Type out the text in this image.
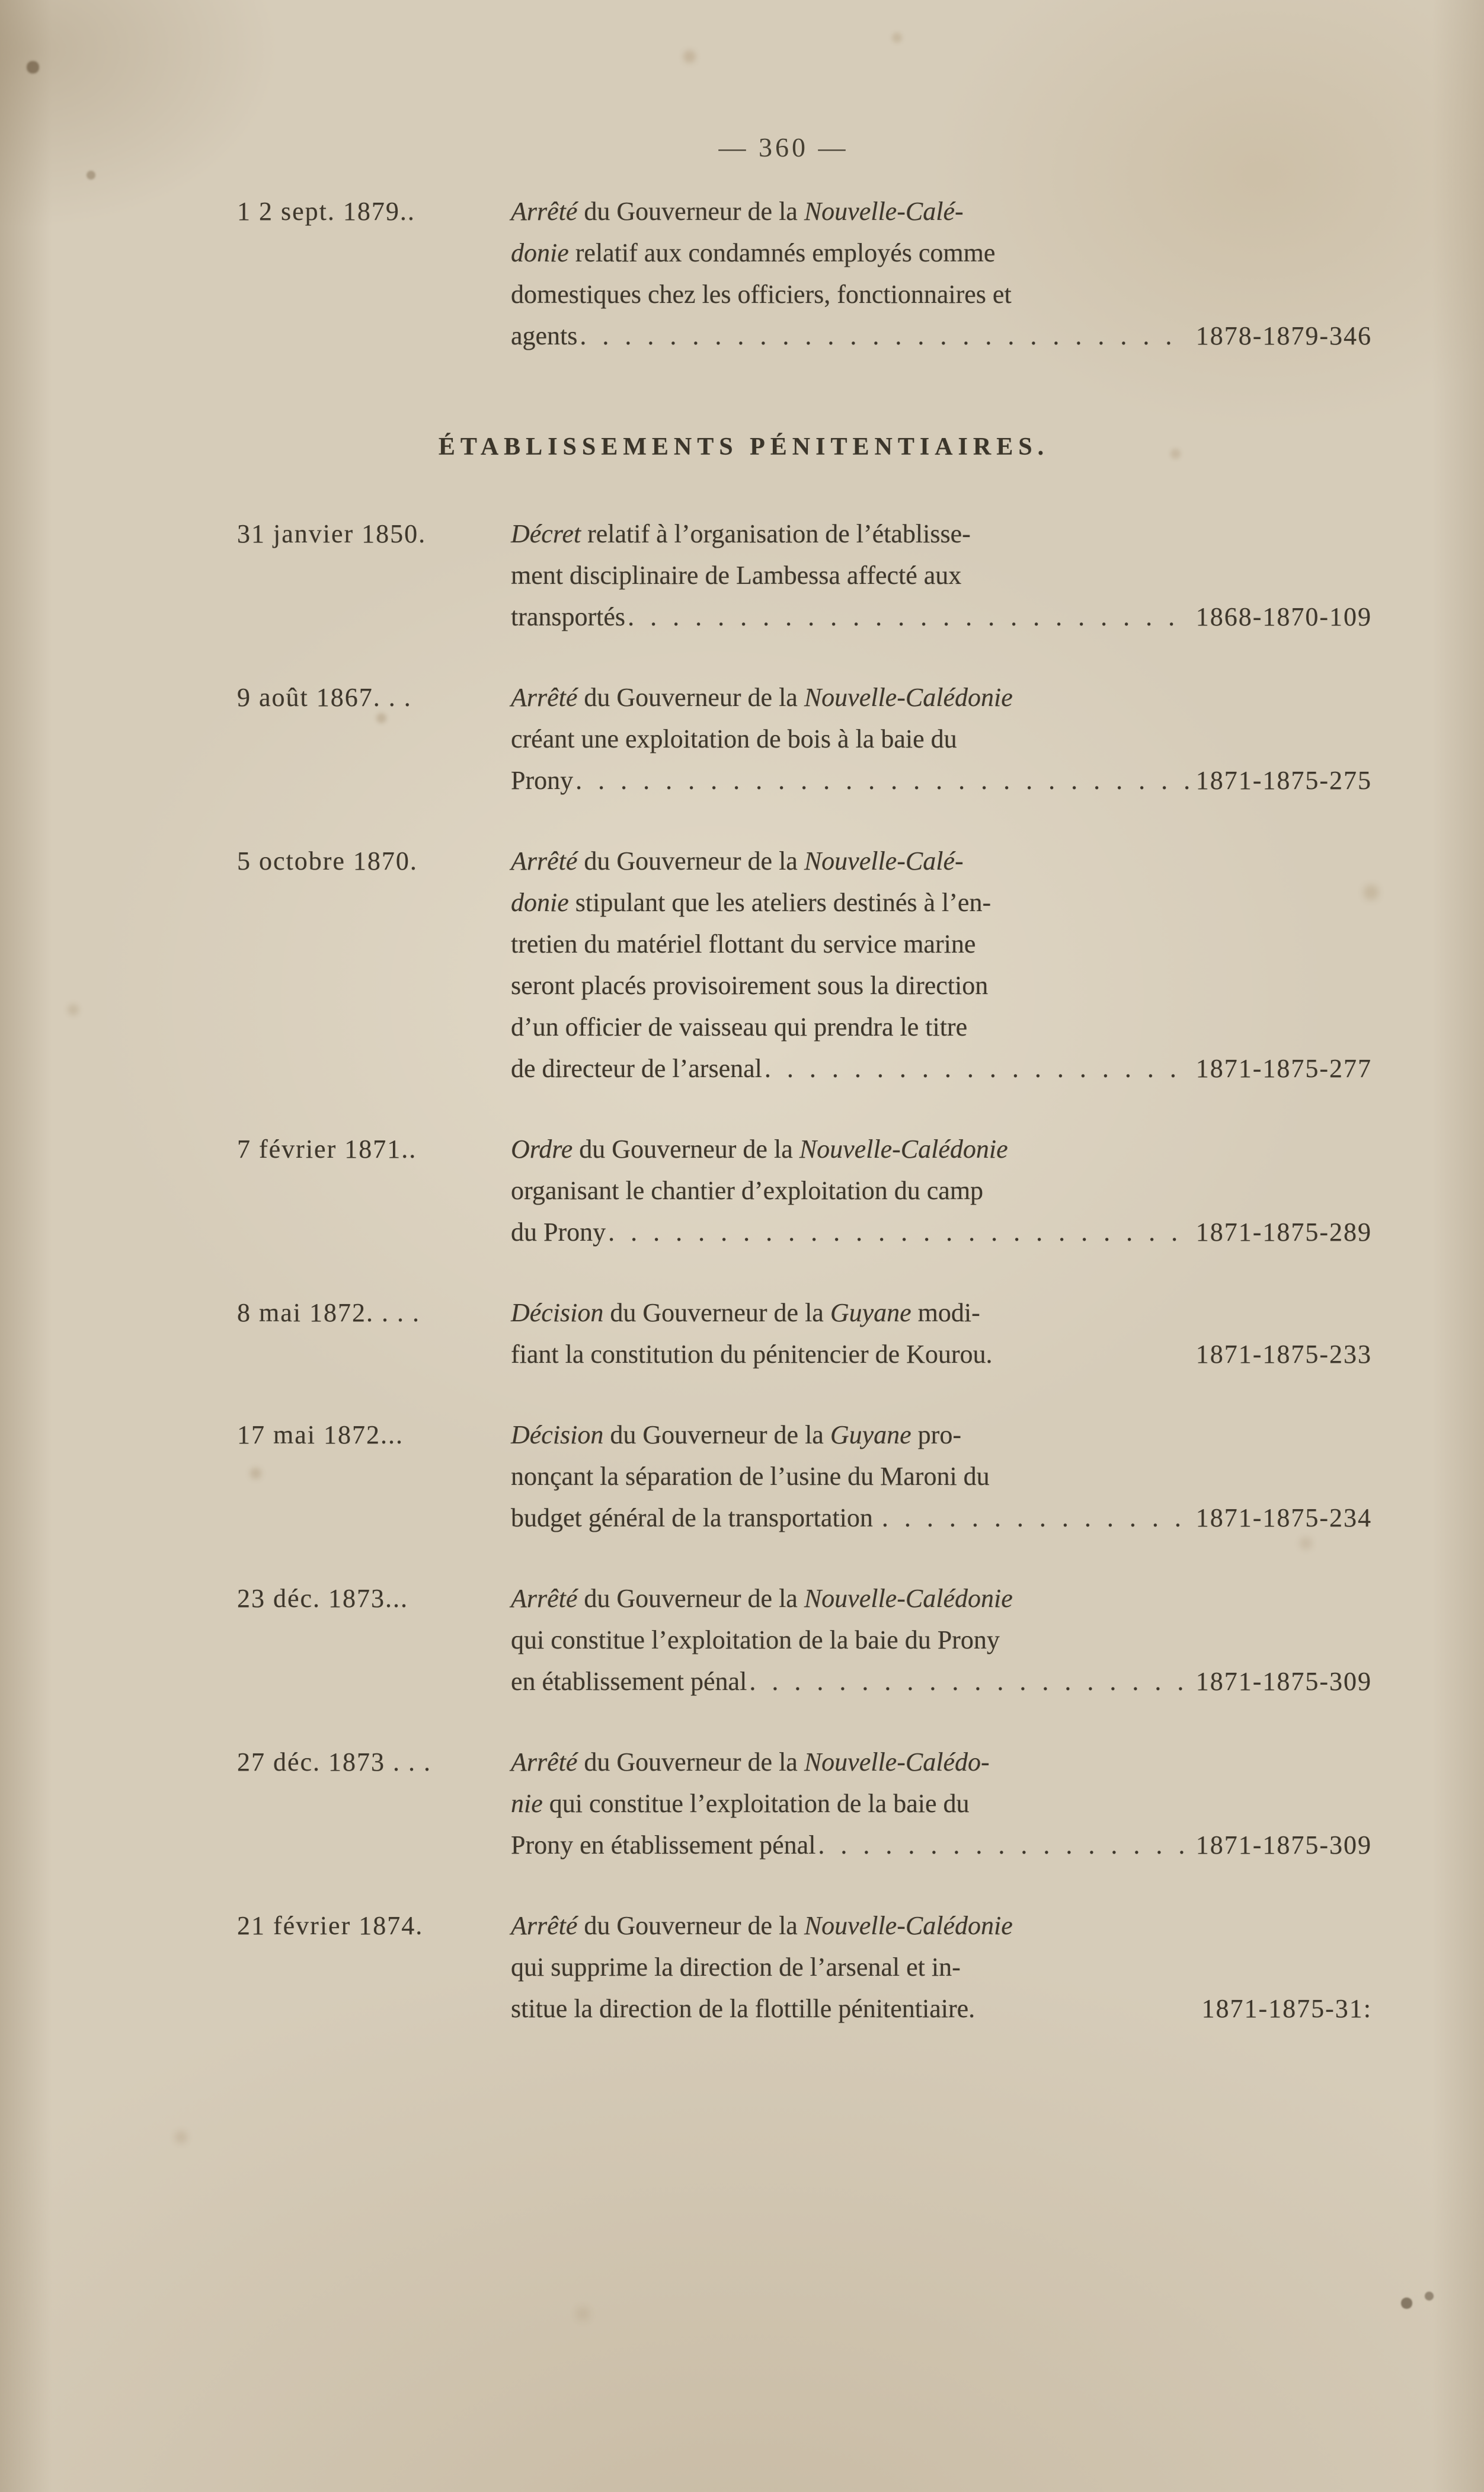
— 360 —
1 2 sept. 1879..	Arrêté du Gouverneur de la Nouvelle-Calé-
donie relatif aux condamnés employés comme
domestiques chez les officiers, fonctionnaires et
agents . . .	1878-1879-346
ÉTABLISSEMENTS PÉNITENTIAIRES.
31 janvier 1850.	Décret relatif à l’organisation de l’établisse-
ment disciplinaire de Lambessa affecté aux
transportés . . .	1868-1870-109
9 août 1867. . .	Arrêté du Gouverneur de la Nouvelle-Calédonie
créant une exploitation de bois à la baie du
Prony . . .	1871-1875-275
5 octobre 1870.	Arrêté du Gouverneur de la Nouvelle-Calé-
donie stipulant que les ateliers destinés à l’en-
tretien du matériel flottant du service marine
seront placés provisoirement sous la direction
d’un officier de vaisseau qui prendra le titre
de directeur de l’arsenal . . .	1871-1875-277
7 février 1871..	Ordre du Gouverneur de la Nouvelle-Calédonie
organisant le chantier d’exploitation du camp
du Prony . . .	1871-1875-289
8 mai 1872. . . .	Décision du Gouverneur de la Guyane modi-
fiant la constitution du pénitencier de Kourou.	1871-1875-233
17 mai 1872...	Décision du Gouverneur de la Guyane pro-
nonçant la séparation de l’usine du Maroni du
budget général de la transportation . . .	1871-1875-234
23 déc. 1873...	Arrêté du Gouverneur de la Nouvelle-Calédonie
qui constitue l’exploitation de la baie du Prony
en établissement pénal . . .	1871-1875-309
27 déc. 1873 . . .	Arrêté du Gouverneur de la Nouvelle-Calédo-
nie qui constitue l’exploitation de la baie du
Prony en établissement pénal . . .	1871-1875-309
21 février 1874.	Arrêté du Gouverneur de la Nouvelle-Calédonie
qui supprime la direction de l’arsenal et in-
stitue la direction de la flottille pénitentiaire.	1871-1875-31:
